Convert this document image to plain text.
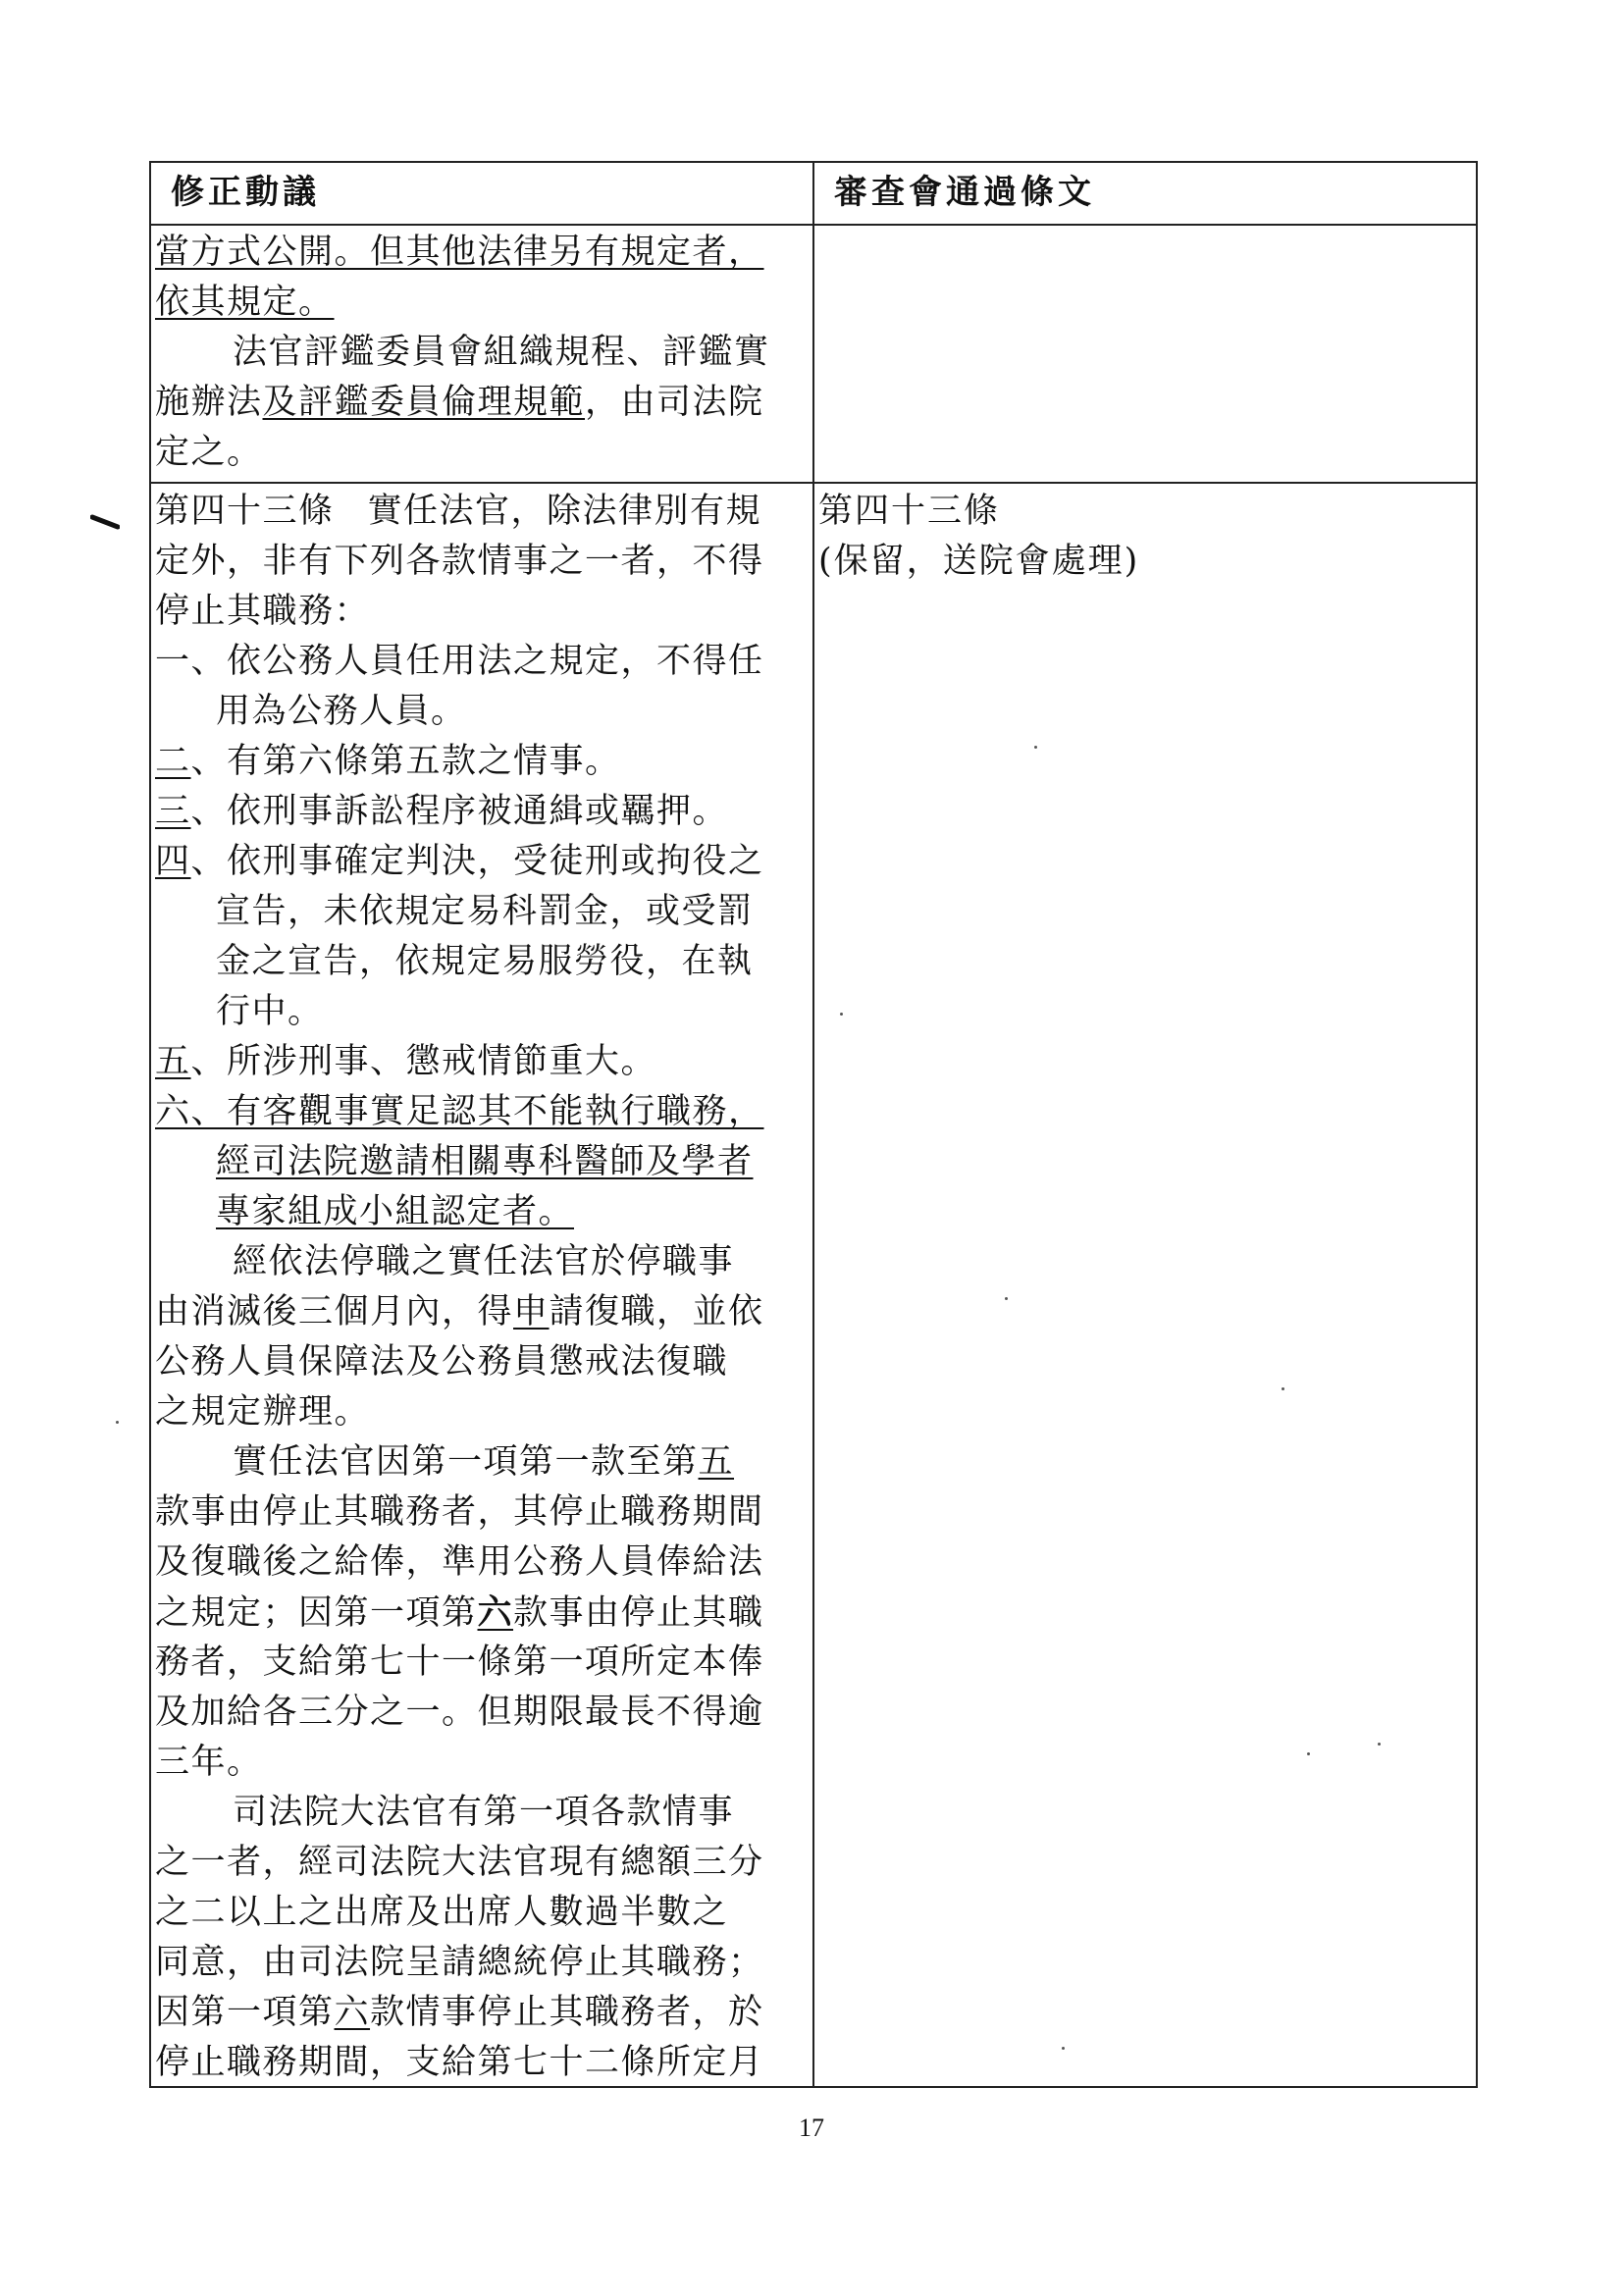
修正動議	審查會通過條文
當方式公開。但其他法律另有規定者，
依其規定。
法官評鑑委員會組織規程、評鑑實
施辦法及評鑑委員倫理規範，由司法院
定之。
第四十三條 實任法官，除法律別有規
定外，非有下列各款情事之一者，不得
停止其職務：
一、依公務人員任用法之規定，不得任
用為公務人員。
二、有第六條第五款之情事。
三、依刑事訴訟程序被通緝或羈押。
四、依刑事確定判決，受徒刑或拘役之
宣告，未依規定易科罰金，或受罰
金之宣告，依規定易服勞役，在執
行中。
五、所涉刑事、懲戒情節重大。
六、有客觀事實足認其不能執行職務，
經司法院邀請相關專科醫師及學者
專家組成小組認定者。
經依法停職之實任法官於停職事
由消滅後三個月內，得申請復職，並依
公務人員保障法及公務員懲戒法復職
之規定辦理。
實任法官因第一項第一款至第五
款事由停止其職務者，其停止職務期間
及復職後之給俸，準用公務人員俸給法
之規定；因第一項第六款事由停止其職
務者，支給第七十一條第一項所定本俸
及加給各三分之一。但期限最長不得逾
三年。
司法院大法官有第一項各款情事
之一者，經司法院大法官現有總額三分
之二以上之出席及出席人數過半數之
同意，由司法院呈請總統停止其職務；
因第一項第六款情事停止其職務者，於
停止職務期間，支給第七十二條所定月
第四十三條
(保留，送院會處理)
17
